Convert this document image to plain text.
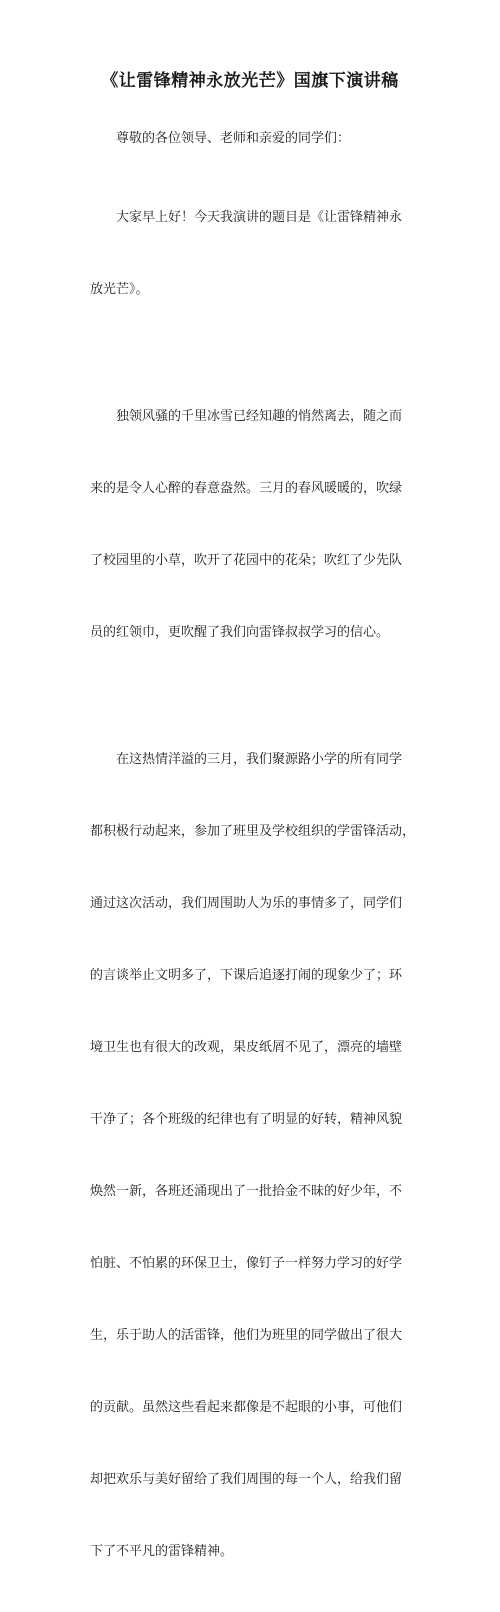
《让雷锋精神永放光芒》国旗下演讲稿

尊敬的各位领导、老师和亲爱的同学们：

大家早上好！今天我演讲的题目是《让雷锋精神永

放光芒》。

独领风骚的千里冰雪已经知趣的悄然离去，随之而

来的是令人心醉的春意盎然。三月的春风暖暖的，吹绿

了校园里的小草，吹开了花园中的花朵；吹红了少先队

员的红领巾，更吹醒了我们向雷锋叔叔学习的信心。

在这热情洋溢的三月，我们聚源路小学的所有同学

都积极行动起来，参加了班里及学校组织的学雷锋活动，

通过这次活动，我们周围助人为乐的事情多了，同学们

的言谈举止文明多了，下课后追逐打闹的现象少了；环

境卫生也有很大的改观，果皮纸屑不见了，漂亮的墙壁

干净了；各个班级的纪律也有了明显的好转，精神风貌

焕然一新，各班还涌现出了一批拾金不昧的好少年，不

怕脏、不怕累的环保卫士，像钉子一样努力学习的好学

生，乐于助人的活雷锋，他们为班里的同学做出了很大

的贡献。虽然这些看起来都像是不起眼的小事，可他们

却把欢乐与美好留给了我们周围的每一个人，给我们留

下了不平凡的雷锋精神。
